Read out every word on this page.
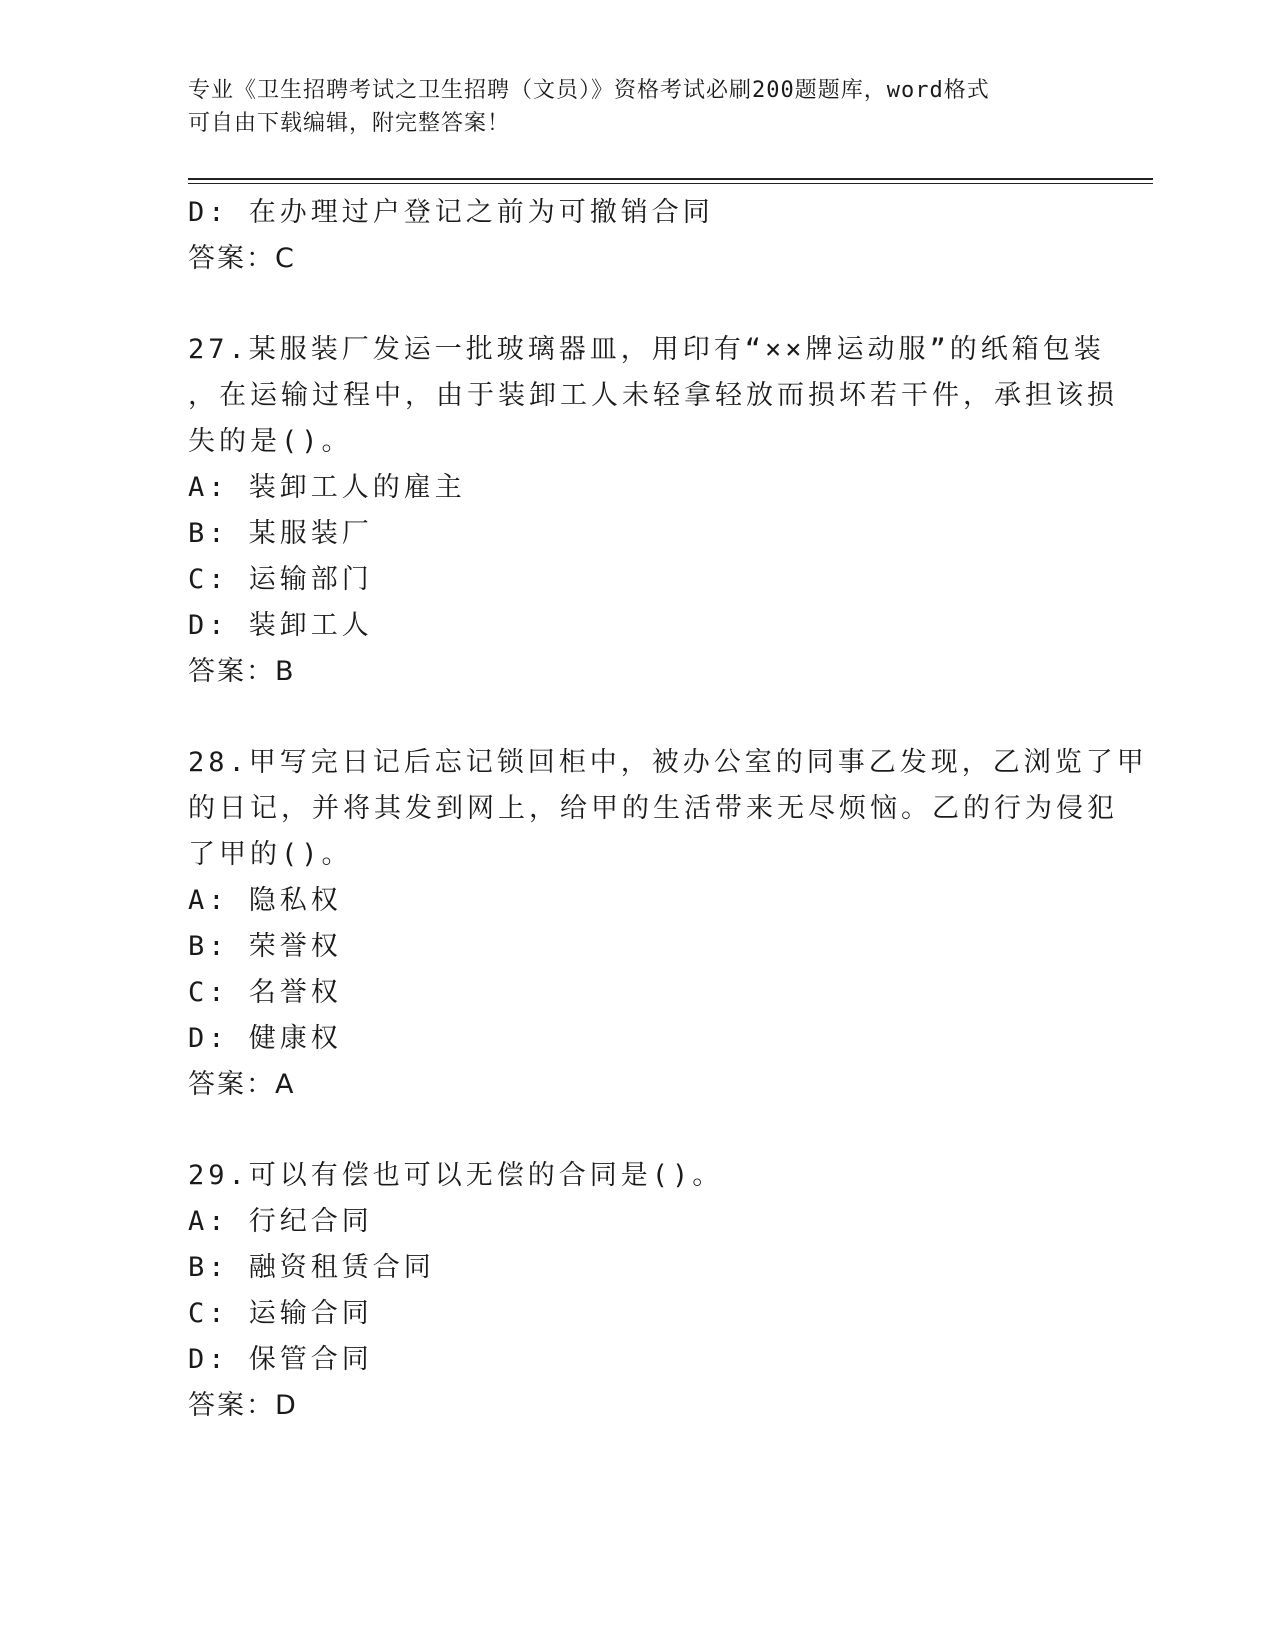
专业《卫生招聘考试之卫生招聘（文员）》资格考试必刷200题题库，word格式
可自由下载编辑，附完整答案！
D: 在办理过户登记之前为可撤销合同
答案：C
27.某服装厂发运一批玻璃器皿，用印有“××牌运动服”的纸箱包装
，在运输过程中，由于装卸工人未轻拿轻放而损坏若干件，承担该损
失的是()。
A: 装卸工人的雇主
B: 某服装厂
C: 运输部门
D: 装卸工人
答案：B
28.甲写完日记后忘记锁回柜中，被办公室的同事乙发现，乙浏览了甲
的日记，并将其发到网上，给甲的生活带来无尽烦恼。乙的行为侵犯
了甲的()。
A: 隐私权
B: 荣誉权
C: 名誉权
D: 健康权
答案：A
29.可以有偿也可以无偿的合同是()。
A: 行纪合同
B: 融资租赁合同
C: 运输合同
D: 保管合同
答案：D
